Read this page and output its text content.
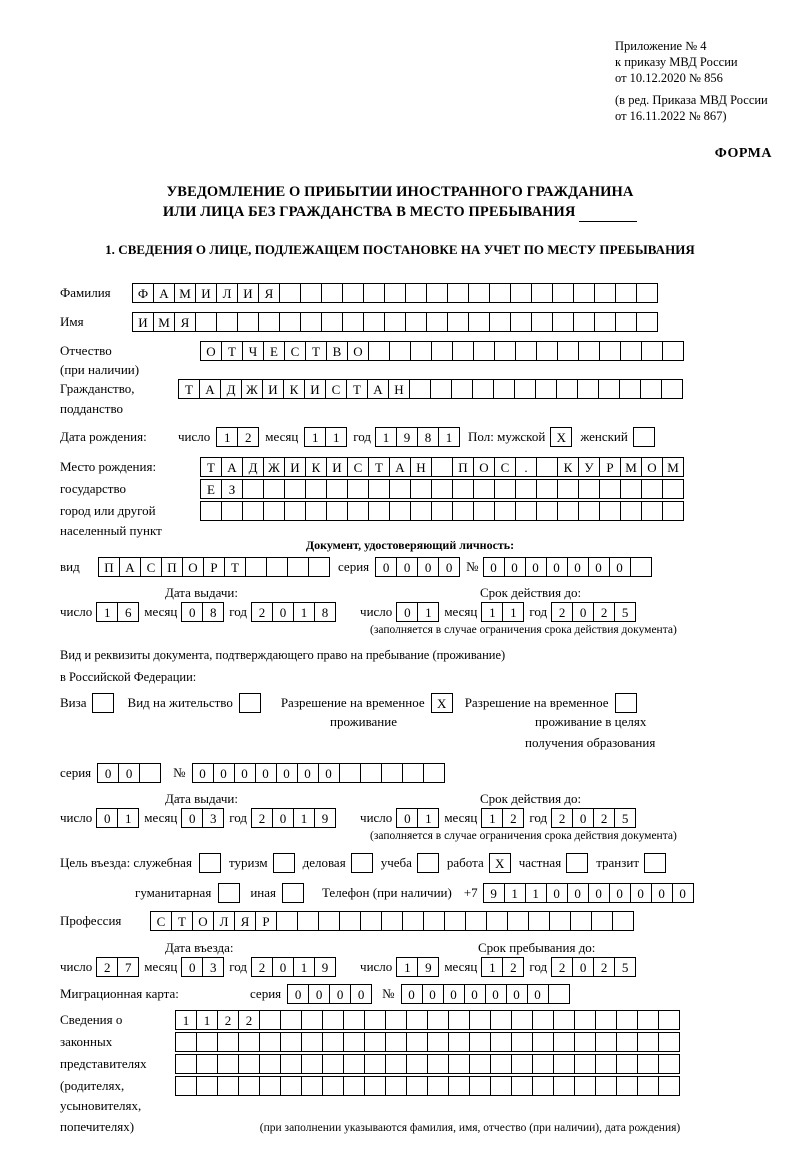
Приложение № 4
к приказу МВД России
от 10.12.2020 № 856
(в ред. Приказа МВД России
от 16.11.2022 № 867)
ФОРМА
УВЕДОМЛЕНИЕ О ПРИБЫТИИ ИНОСТРАННОГО ГРАЖДАНИНА
ИЛИ ЛИЦА БЕЗ ГРАЖДАНСТВА В МЕСТО ПРЕБЫВАНИЯ
1. СВЕДЕНИЯ О ЛИЦЕ, ПОДЛЕЖАЩЕМ ПОСТАНОВКЕ НА УЧЕТ ПО МЕСТУ ПРЕБЫВАНИЯ
Фамилия	Ф А М И Л И Я
Имя	И М Я
Отчество	О Т Ч Е С Т В О
(при наличии)
Гражданство,	Т А Д Ж И К И С Т А Н
подданство
Дата рождения:	число	1	2	месяц	1	1	год 1	9	8	1	Пол: мужской X	женский
Место рождения:	Т А Д Ж И К И С Т А Н	П О С	.	К У Р М О М
государство	Е	З
город или другой
населенный пункт
Документ, удостоверяющий личность:
вид	П А С П О Р	Т	серия	0	0	0	0	№ 0	0	0	0	0	0	0
Дата выдачи:	Срок действия до:
число 1	6 месяц 0	8 год 2	0	1	8	число 0	1 месяц 1	1 год 2	0	2	5
(заполняется в случае ограничения срока действия документа)
Вид и реквизиты документа, подтверждающего право на пребывание (проживание)
в Российской Федерации:
Виза	Вид на жительство	Разрешение на временное X	Разрешение на временное
проживание	проживание в целях
получения образования
серия	0	0	№	0	0	0	0	0	0	0
Дата выдачи:	Срок действия до:
число 0	1 месяц 0	3 год 2	0	1	9	число 0	1 месяц 1	2 год 2	0	2	5
(заполняется в случае ограничения срока действия документа)
Цель въезда: служебная	туризм	деловая	учеба	работа X	частная	транзит
гуманитарная	иная	Телефон (при наличии) +7 9	1	1	0	0	0	0	0	0	0
Профессия	С Т О Л Я	Р
Дата въезда:	Срок пребывания до:
число 2	7 месяц 0	3 год 2	0	1	9	число 1	9 месяц 1	2 год 2	0	2	5
Миграционная карта:	серия	0	0	0	0	№	0	0	0	0	0	0	0
Сведения о	1	1	2	2
законных
представителях
(родителях,
усыновителях,
попечителях)	(при заполнении указываются фамилия, имя, отчество (при наличии), дата рождения)
